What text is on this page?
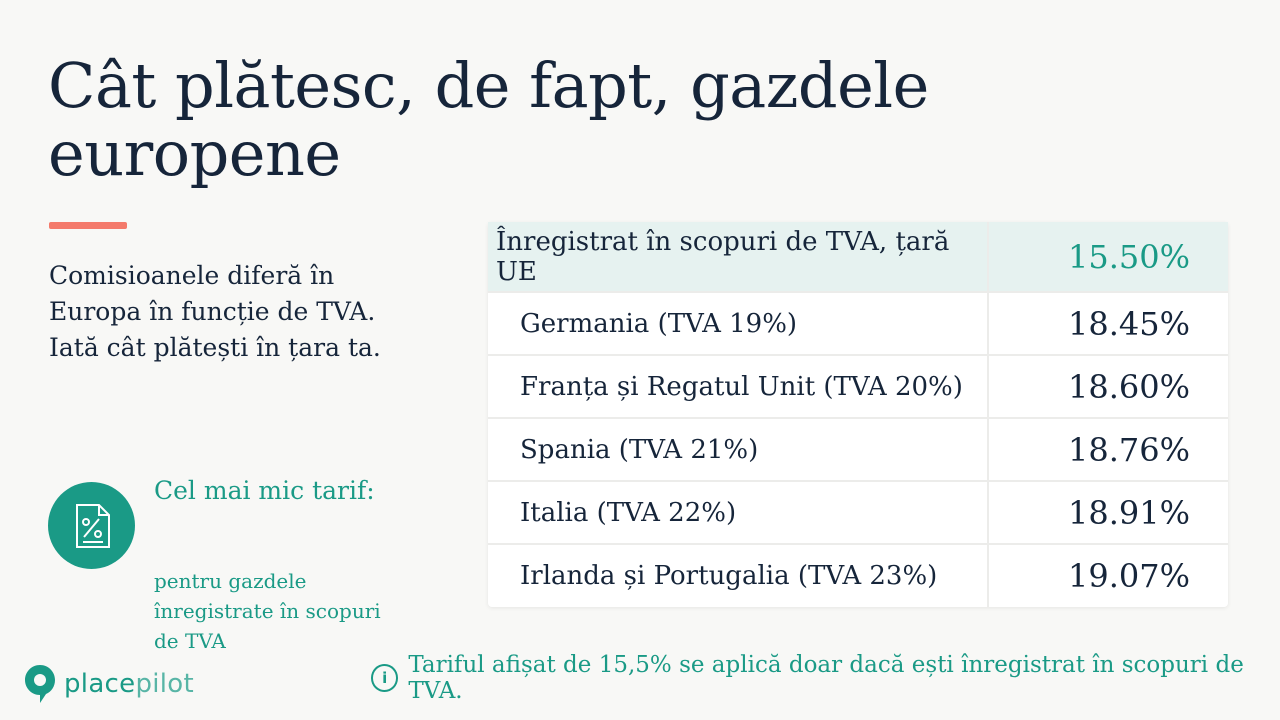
Cât plătesc, de fapt, gazdele europene

Comisioanele diferă în Europa în funcție de TVA. Iată cât plătești în țara ta.

Cel mai mic tarif:
pentru gazdele înregistrate în scopuri de TVA
placepilot
Înregistrat în scopuri de TVA, țară UE	15.50%
Germania (TVA 19%)	18.45%
Franța și Regatul Unit (TVA 20%)	18.60%
Spania (TVA 21%)	18.76%
Italia (TVA 22%)	18.91%
Irlanda și Portugalia (TVA 23%)	19.07%
i Tariful afișat de 15,5% se aplică doar dacă ești înregistrat în scopuri de TVA.
